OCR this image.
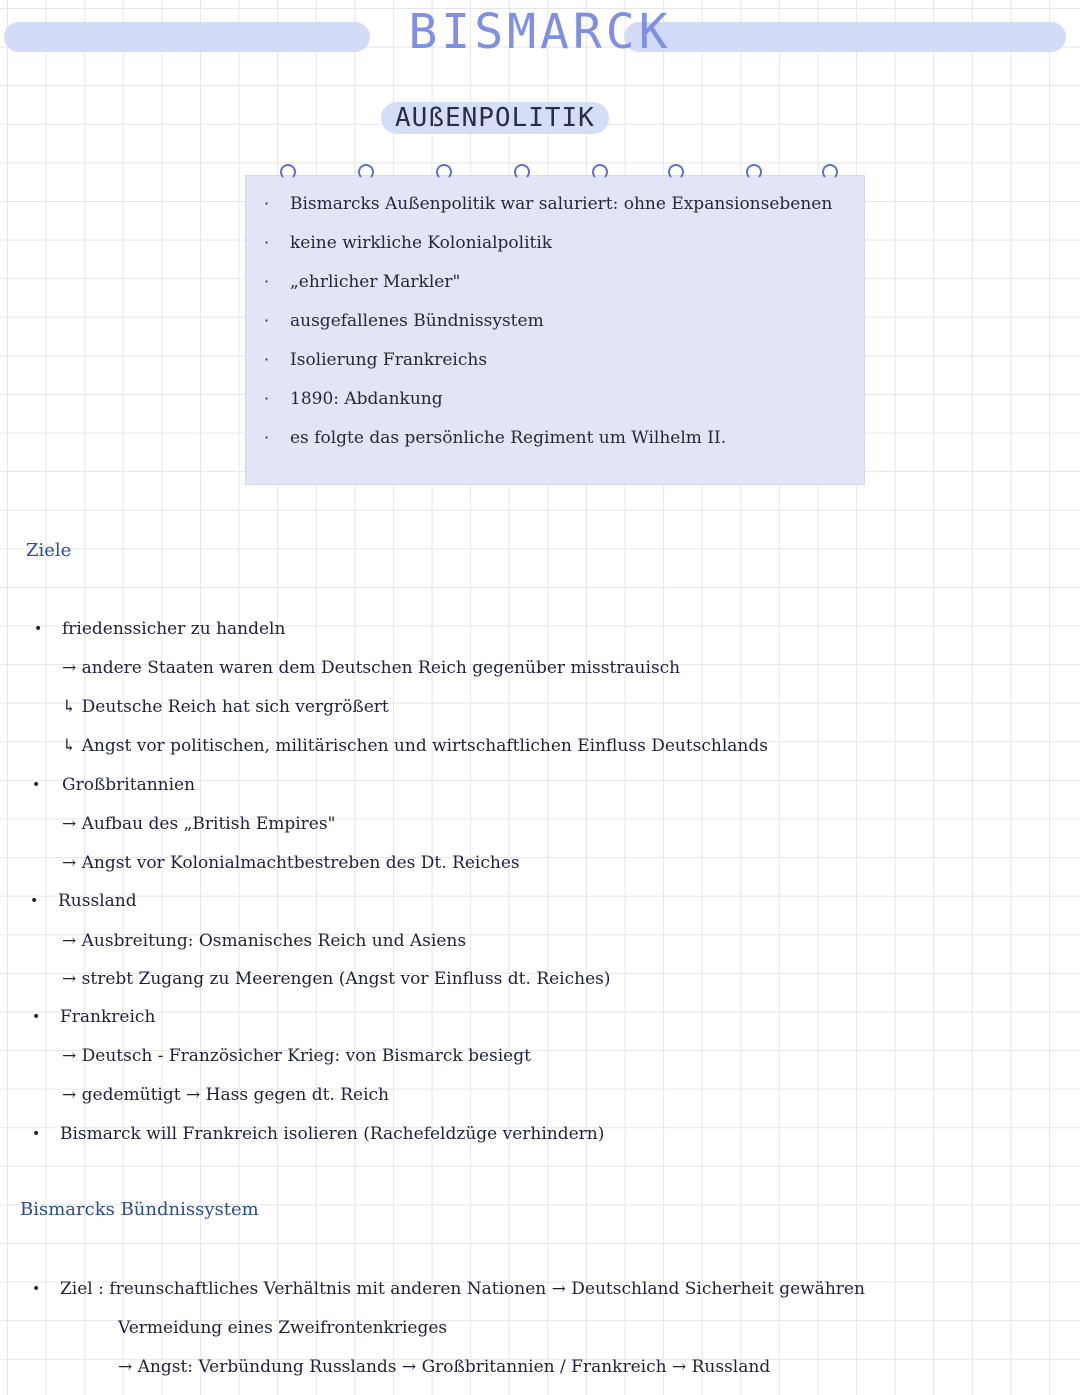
BISMARCK
AUßENPOLITIK
· Bismarcks Außenpolitik war saluriert: ohne Expansionsebenen
· keine wirkliche Kolonialpolitik
· „ehrlicher Markler"
· ausgefallenes Bündnissystem
· Isolierung Frankreichs
· 1890: Abdankung
· es folgte das persönliche Regiment um Wilhelm II.
Ziele
• friedenssicher zu handeln
→ andere Staaten waren dem Deutschen Reich gegenüber misstrauisch
↳ Deutsche Reich hat sich vergrößert
↳ Angst vor politischen, militärischen und wirtschaftlichen Einfluss Deutschlands
• Großbritannien
→ Aufbau des „British Empires"
→ Angst vor Kolonialmachtbestreben des Dt. Reiches
• Russland
→ Ausbreitung: Osmanisches Reich und Asiens
→ strebt Zugang zu Meerengen (Angst vor Einfluss dt. Reiches)
• Frankreich
→ Deutsch - Französicher Krieg: von Bismarck besiegt
→ gedemütigt → Hass gegen dt. Reich
• Bismarck will Frankreich isolieren (Rachefeldzüge verhindern)
Bismarcks Bündnissystem
• Ziel : freunschaftliches Verhältnis mit anderen Nationen → Deutschland Sicherheit gewähren
Vermeidung eines Zweifrontenkrieges
→ Angst: Verbündung Russlands → Großbritannien / Frankreich → Russland
